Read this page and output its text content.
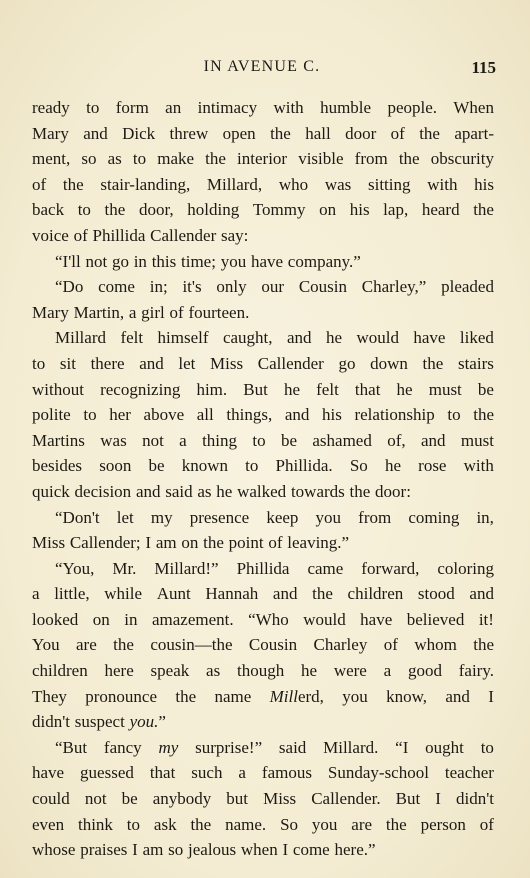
IN AVENUE C.	115
ready to form an intimacy with humble people. When
Mary and Dick threw open the hall door of the apart-
ment, so as to make the interior visible from the obscurity
of the stair-landing, Millard, who was sitting with his
back to the door, holding Tommy on his lap, heard the
voice of Phillida Callender say:
“I'll not go in this time; you have company.”
“Do come in; it's only our Cousin Charley,” pleaded
Mary Martin, a girl of fourteen.
Millard felt himself caught, and he would have liked
to sit there and let Miss Callender go down the stairs
without recognizing him. But he felt that he must be
polite to her above all things, and his relationship to the
Martins was not a thing to be ashamed of, and must
besides soon be known to Phillida. So he rose with
quick decision and said as he walked towards the door:
“Don't let my presence keep you from coming in,
Miss Callender; I am on the point of leaving.”
“You, Mr. Millard!” Phillida came forward, coloring
a little, while Aunt Hannah and the children stood and
looked on in amazement. “Who would have believed it!
You are the cousin—the Cousin Charley of whom the
children here speak as though he were a good fairy.
They pronounce the name Millerd, you know, and I
didn't suspect you.”
“But fancy my surprise!” said Millard. “I ought to
have guessed that such a famous Sunday-school teacher
could not be anybody but Miss Callender. But I didn't
even think to ask the name. So you are the person of
whose praises I am so jealous when I come here.”
